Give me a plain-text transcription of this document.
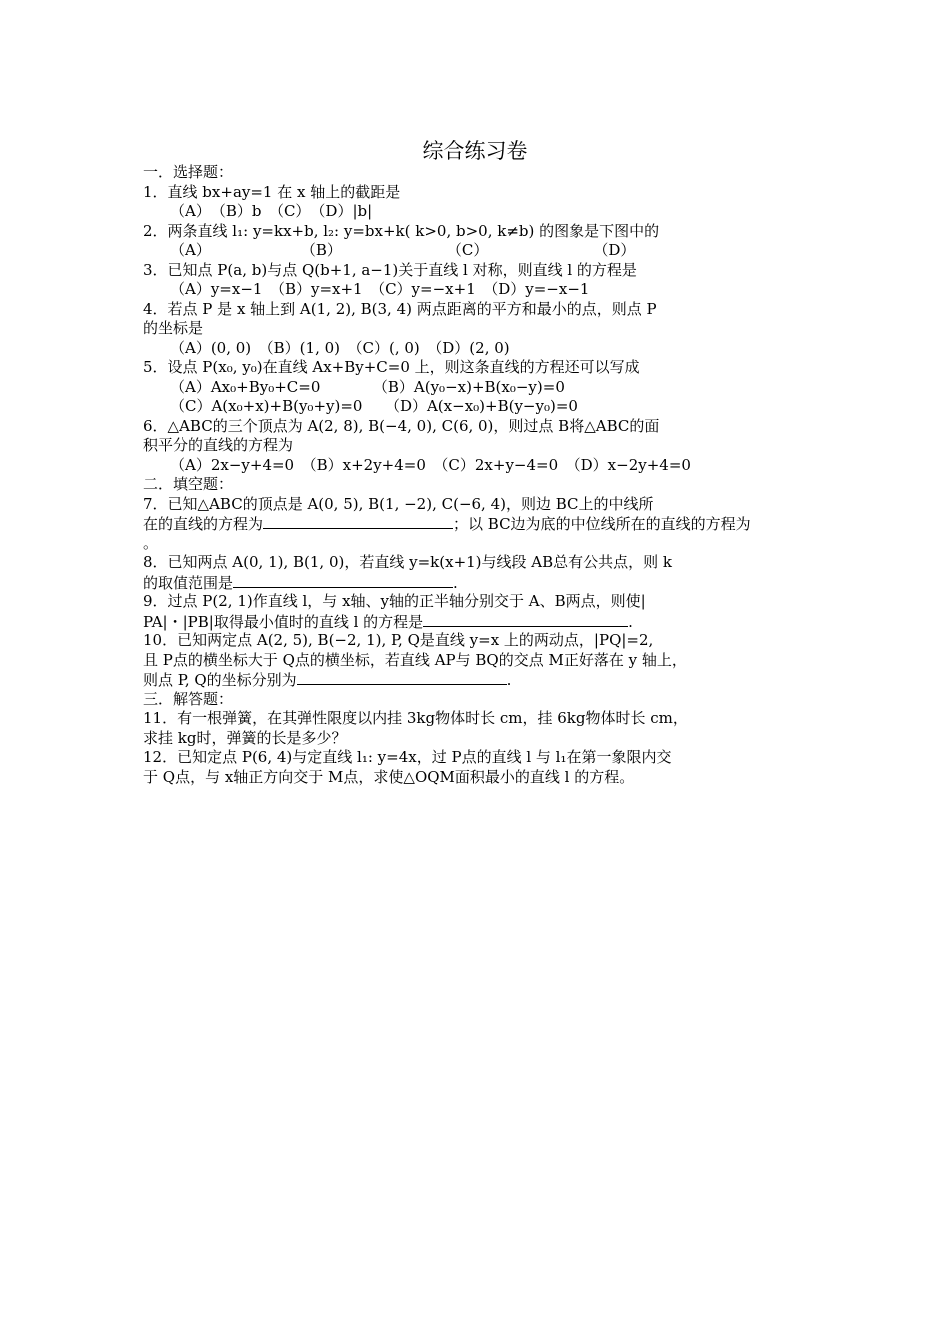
综合练习卷
一．选择题：
1．直线 bx+ay=1 在 x 轴上的截距是
（A）　（B）b　（C）　（D）|b|
2．两条直线 l₁: y=kx+b, l₂: y=bx+k( k>0, b>0, k≠b) 的图象是下图中的
（A）　　　　　　　（B）　　　　　　　　（C）　　　　　　　　（D）
3．已知点 P(a, b)与点 Q(b+1, a−1)关于直线 l 对称，则直线 l 的方程是
（A）y=x−1　（B）y=x+1　（C）y=−x+1　（D）y=−x−1
4．若点 P 是 x 轴上到 A(1, 2), B(3, 4) 两点距离的平方和最小的点，则点 P
的坐标是
（A）(0, 0)　（B）(1, 0)　（C）(, 0)　（D）(2, 0)
5．设点 P(x₀, y₀)在直线 Ax+By+C=0 上，则这条直线的方程还可以写成
（A）Ax₀+By₀+C=0　　　　（B）A(y₀−x)+B(x₀−y)=0
（C）A(x₀+x)+B(y₀+y)=0　　（D）A(x−x₀)+B(y−y₀)=0
6．△ABC的三个顶点为 A(2, 8), B(−4, 0), C(6, 0)，则过点 B将△ABC的面
积平分的直线的方程为
（A）2x−y+4=0　（B）x+2y+4=0　（C）2x+y−4=0　（D）x−2y+4=0
二．填空题：
7．已知△ABC的顶点是 A(0, 5), B(1, −2), C(−6, 4)，则边 BC上的中线所
在的直线的方程为	；以 BC边为底的中位线所在的直线的方程为
。
8．已知两点 A(0, 1), B(1, 0)，若直线 y=k(x+1)与线段 AB总有公共点，则 k
的取值范围是	.
9．过点 P(2, 1)作直线 l，与 x轴、y轴的正半轴分别交于 A、B两点，则使|
PA|・|PB|取得最小值时的直线 l 的方程是	.
10．已知两定点 A(2, 5), B(−2, 1), P, Q是直线 y=x 上的两动点，|PQ|=2,
且 P点的横坐标大于 Q点的横坐标，若直线 AP与 BQ的交点 M正好落在 y 轴上，
则点 P, Q的坐标分别为	.
三．解答题：
11．有一根弹簧，在其弹性限度以内挂 3kg物体时长 cm，挂 6kg物体时长 cm，
求挂 kg时，弹簧的长是多少？
12．已知定点 P(6, 4)与定直线 l₁: y=4x，过 P点的直线 l 与 l₁在第一象限内交
于 Q点，与 x轴正方向交于 M点，求使△OQM面积最小的直线 l 的方程。
